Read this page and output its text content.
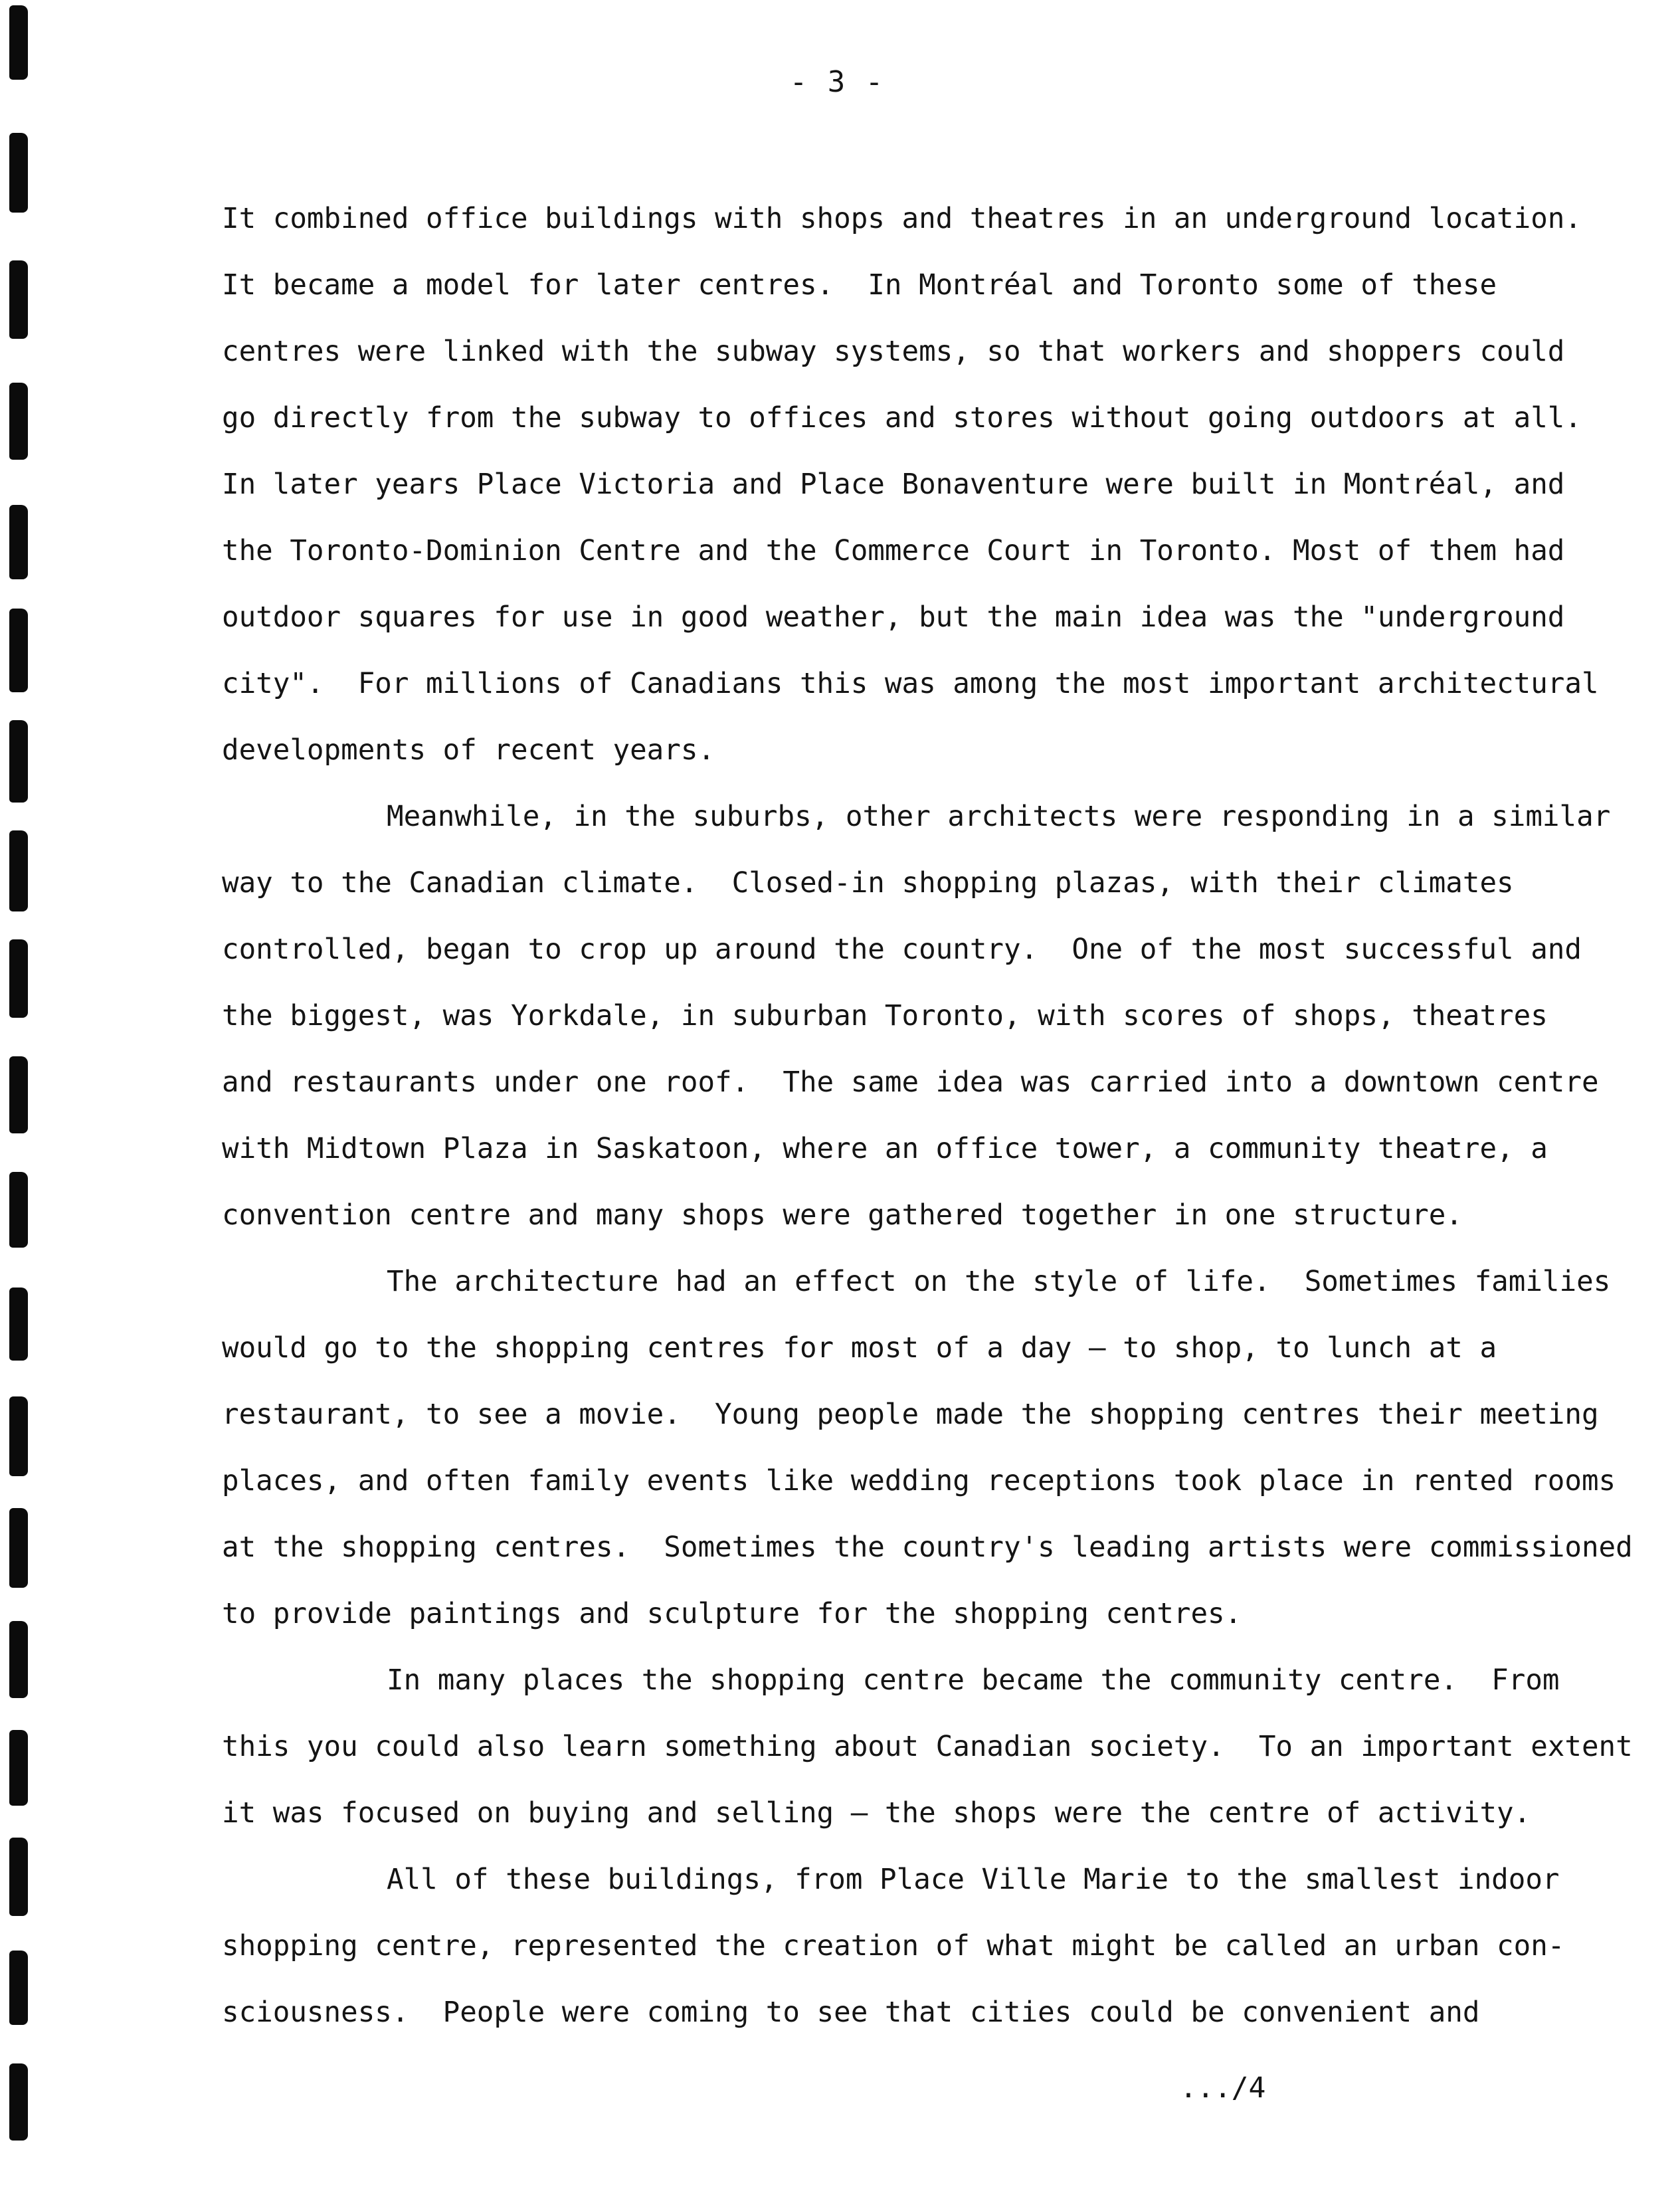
- 3 -
It combined office buildings with shops and theatres in an underground location.
It became a model for later centres.  In Montréal and Toronto some of these
centres were linked with the subway systems, so that workers and shoppers could
go directly from the subway to offices and stores without going outdoors at all.
In later years Place Victoria and Place Bonaventure were built in Montréal, and
the Toronto-Dominion Centre and the Commerce Court in Toronto. Most of them had
outdoor squares for use in good weather, but the main idea was the "underground
city".  For millions of Canadians this was among the most important architectural
developments of recent years.
Meanwhile, in the suburbs, other architects were responding in a similar
way to the Canadian climate.  Closed-in shopping plazas, with their climates
controlled, began to crop up around the country.  One of the most successful and
the biggest, was Yorkdale, in suburban Toronto, with scores of shops, theatres
and restaurants under one roof.  The same idea was carried into a downtown centre
with Midtown Plaza in Saskatoon, where an office tower, a community theatre, a
convention centre and many shops were gathered together in one structure.
The architecture had an effect on the style of life.  Sometimes families
would go to the shopping centres for most of a day — to shop, to lunch at a
restaurant, to see a movie.  Young people made the shopping centres their meeting
places, and often family events like wedding receptions took place in rented rooms
at the shopping centres.  Sometimes the country's leading artists were commissioned
to provide paintings and sculpture for the shopping centres.
In many places the shopping centre became the community centre.  From
this you could also learn something about Canadian society.  To an important extent
it was focused on buying and selling — the shops were the centre of activity.
All of these buildings, from Place Ville Marie to the smallest indoor
shopping centre, represented the creation of what might be called an urban con-
sciousness.  People were coming to see that cities could be convenient and
.../4
